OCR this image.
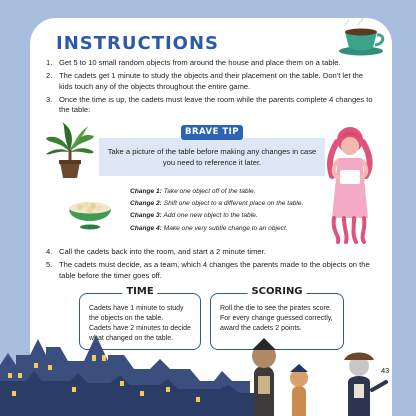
INSTRUCTIONS
1. Get 5 to 10 small random objects from around the house and place them on a table.
2. The cadets get 1 minute to study the objects and their placement on the table. Don't let the kids touch any of the objects throughout the entire game.
3. Once the time is up, the cadets must leave the room while the parents complete 4 changes to the table:
Take a picture of the table before making any changes in case you need to reference it later.
BRAVE TIP
Change 1: Take one object off of the table.
Change 2: Shift one object to a different place on the table.
Change 3: Add one new object to the table.
Change 4: Make one very subtle change to an object.
4. Call the cadets back into the room, and start a 2 minute timer.
5. The cadets must decide, as a team, which 4 changes the parents made to the objects on the table before the timer goes off.
TIME

Cadets have 1 minute to study the objects on the table.

Cadets have 2 minutes to decide what changed on the table.

SCORING

Roll the die to see the pirates score. For every change guessed correctly, award the cadets 2 points.

43
